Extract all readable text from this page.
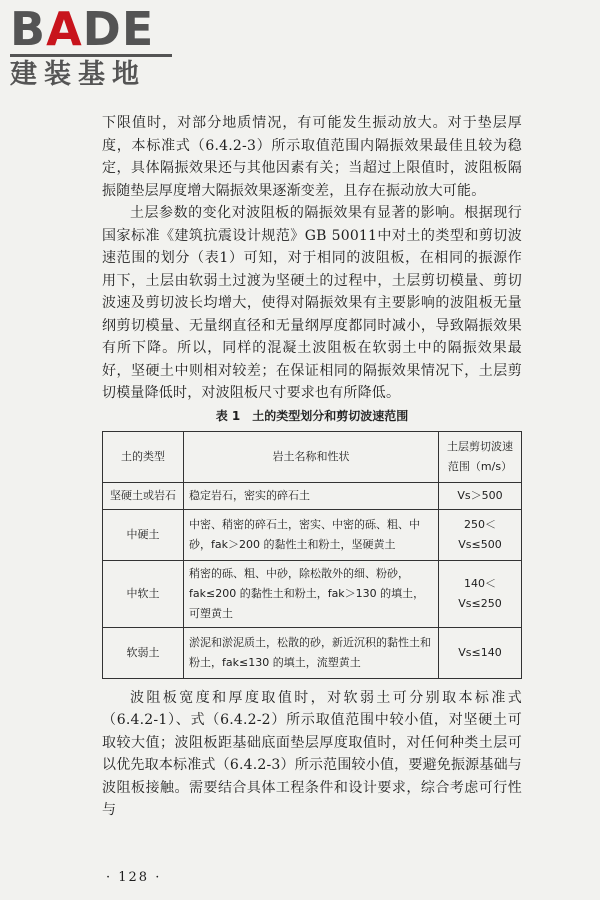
BADE
建装基地

下限值时，对部分地质情况，有可能发生振动放大。对于垫层厚度，本标准式（6.4.2-3）所示取值范围内隔振效果最佳且较为稳定，具体隔振效果还与其他因素有关；当超过上限值时，波阻板隔振随垫层厚度增大隔振效果逐渐变差，且存在振动放大可能。

土层参数的变化对波阻板的隔振效果有显著的影响。根据现行国家标准《建筑抗震设计规范》GB 50011中对土的类型和剪切波速范围的划分（表1）可知，对于相同的波阻板，在相同的振源作用下，土层由软弱土过渡为坚硬土的过程中，土层剪切模量、剪切波速及剪切波长均增大，使得对隔振效果有主要影响的波阻板无量纲剪切模量、无量纲直径和无量纲厚度都同时减小，导致隔振效果有所下降。所以，同样的混凝土波阻板在软弱土中的隔振效果最好，坚硬土中则相对较差；在保证相同的隔振效果情况下，土层剪切模量降低时，对波阻板尺寸要求也有所降低。

表 1　土的类型划分和剪切波速范围
土的类型	岩土名称和性状	土层剪切波速范围（m/s）
坚硬土或岩石	稳定岩石，密实的碎石土	Vs＞500
中硬土	中密、稍密的碎石土，密实、中密的砾、粗、中砂，fak＞200 的黏性土和粉土，坚硬黄土	250＜Vs≤500
中软土	稍密的砾、粗、中砂，除松散外的细、粉砂，fak≤200 的黏性土和粉土，fak＞130 的填土，可塑黄土	140＜Vs≤250
软弱土	淤泥和淤泥质土，松散的砂，新近沉积的黏性土和粉土，fak≤130 的填土，流塑黄土	Vs≤140

波阻板宽度和厚度取值时，对软弱土可分别取本标准式（6.4.2-1）、式（6.4.2-2）所示取值范围中较小值，对坚硬土可取较大值；波阻板距基础底面垫层厚度取值时，对任何种类土层可以优先取本标准式（6.4.2-3）所示范围较小值，要避免振源基础与波阻板接触。需要结合具体工程条件和设计要求，综合考虑可行性与

· 128 ·
